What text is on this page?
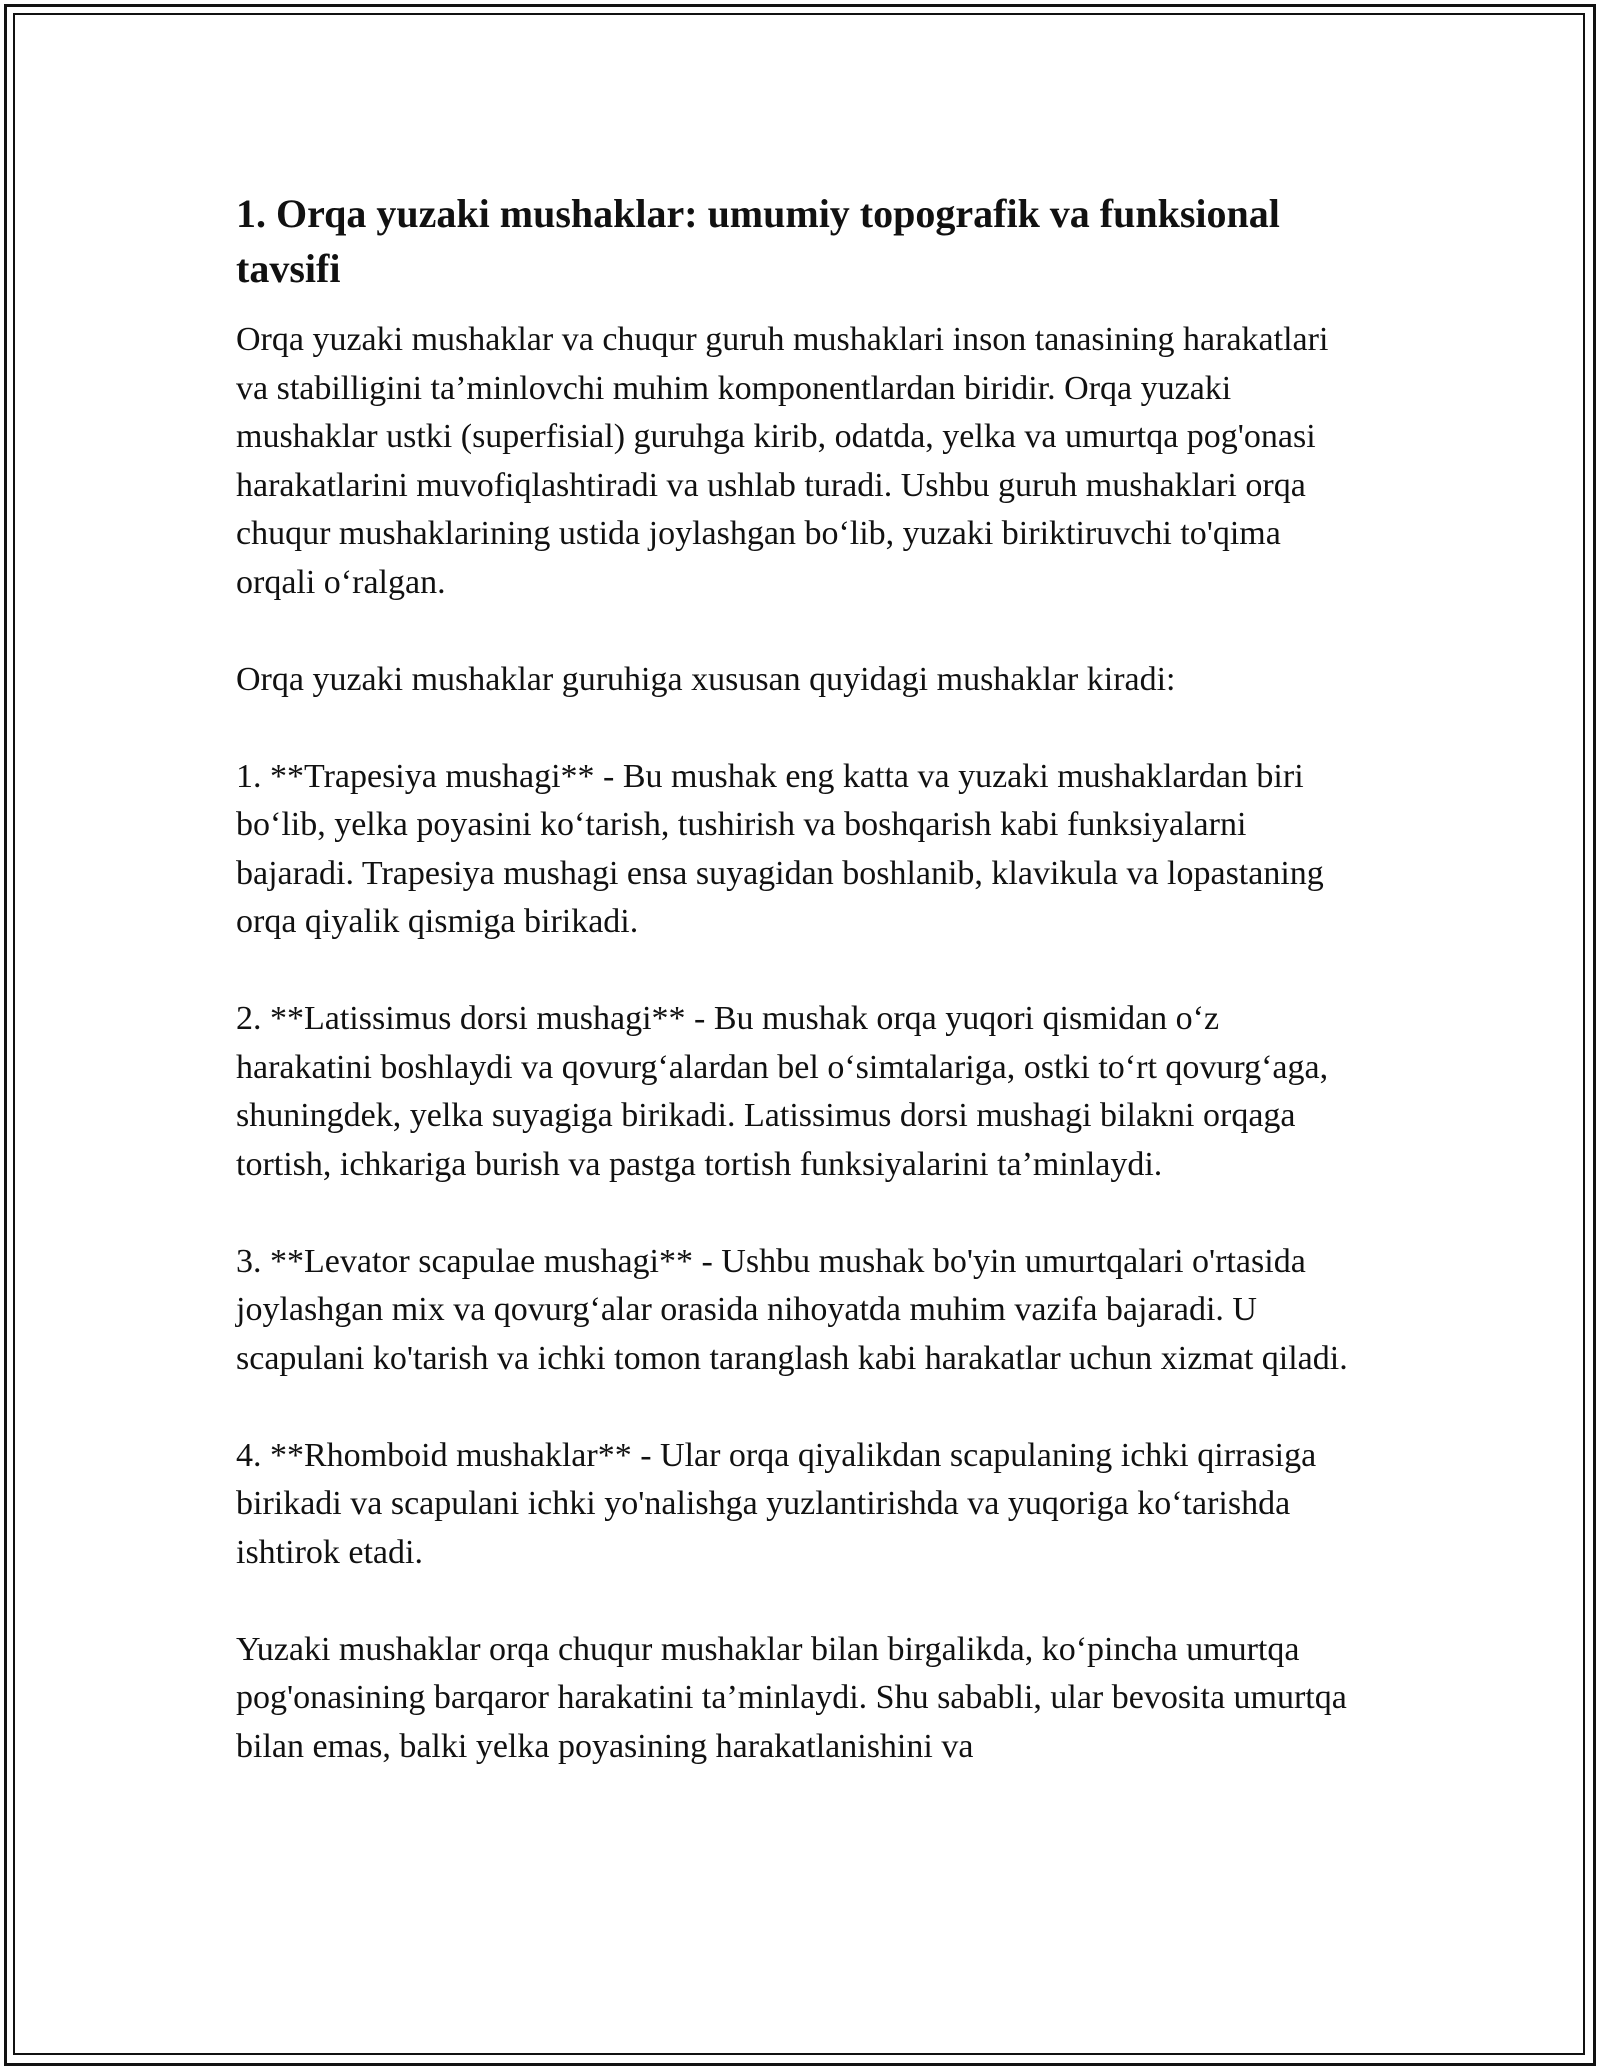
1. Orqa yuzaki mushaklar: umumiy topografik va funksional tavsifi

Orqa yuzaki mushaklar va chuqur guruh mushaklari inson tanasining harakatlari va stabilligini ta’minlovchi muhim komponentlardan biridir. Orqa yuzaki mushaklar ustki (superfisial) guruhga kirib, odatda, yelka va umurtqa pog'onasi harakatlarini muvofiqlashtiradi va ushlab turadi. Ushbu guruh mushaklari orqa chuqur mushaklarining ustida joylashgan bo‘lib, yuzaki biriktiruvchi to'qima orqali o‘ralgan.

Orqa yuzaki mushaklar guruhiga xususan quyidagi mushaklar kiradi:

1. **Trapesiya mushagi** - Bu mushak eng katta va yuzaki mushaklardan biri bo‘lib, yelka poyasini ko‘tarish, tushirish va boshqarish kabi funksiyalarni bajaradi. Trapesiya mushagi ensa suyagidan boshlanib, klavikula va lopastaning orqa qiyalik qismiga birikadi.

2. **Latissimus dorsi mushagi** - Bu mushak orqa yuqori qismidan o‘z harakatini boshlaydi va qovurg‘alardan bel o‘simtalariga, ostki to‘rt qovurg‘aga, shuningdek, yelka suyagiga birikadi. Latissimus dorsi mushagi bilakni orqaga tortish, ichkariga burish va pastga tortish funksiyalarini ta’minlaydi.

3. **Levator scapulae mushagi** - Ushbu mushak bo'yin umurtqalari o'rtasida joylashgan mix va qovurg‘alar orasida nihoyatda muhim vazifa bajaradi. U scapulani ko'tarish va ichki tomon taranglash kabi harakatlar uchun xizmat qiladi.

4. **Rhomboid mushaklar** - Ular orqa qiyalikdan scapulaning ichki qirrasiga birikadi va scapulani ichki yo'nalishga yuzlantirishda va yuqoriga ko‘tarishda ishtirok etadi.

Yuzaki mushaklar orqa chuqur mushaklar bilan birgalikda, ko‘pincha umurtqa pog'onasining barqaror harakatini ta’minlaydi. Shu sababli, ular bevosita umurtqa bilan emas, balki yelka poyasining harakatlanishini va
